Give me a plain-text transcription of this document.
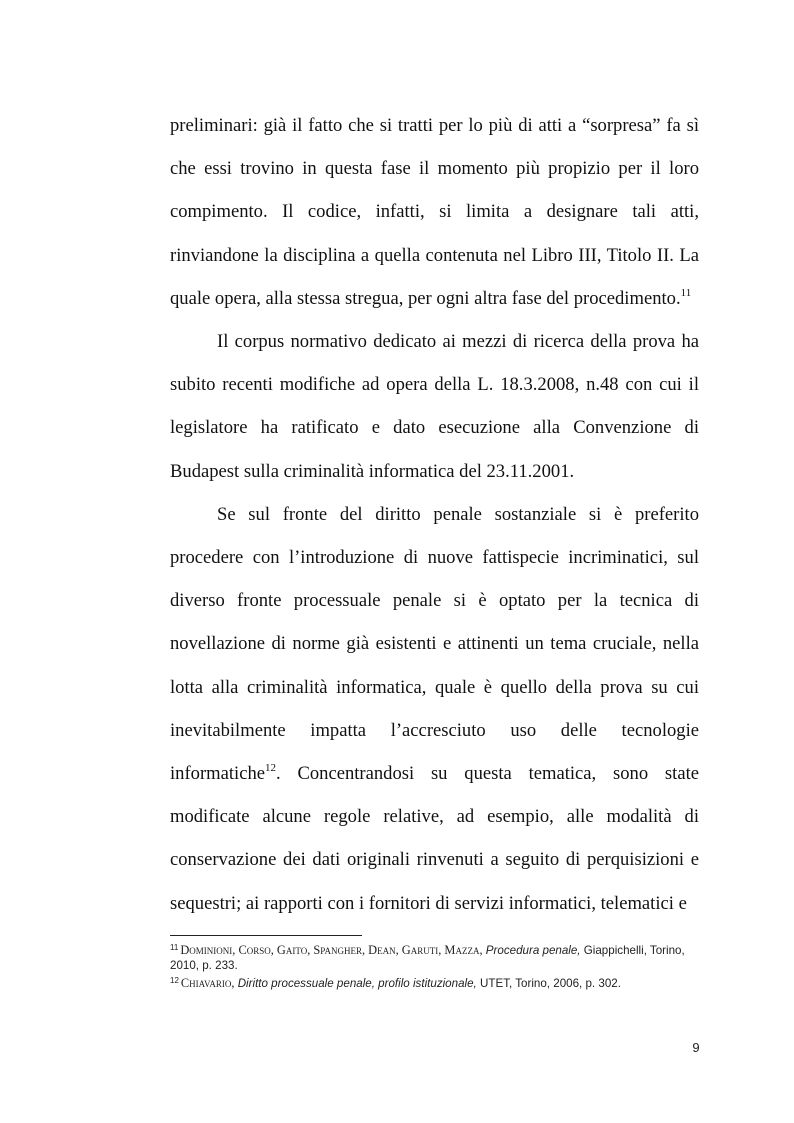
preliminari: già il fatto che si tratti per lo più di atti a “sorpresa” fa sì che essi trovino in questa fase il momento più propizio per il loro compimento. Il codice, infatti, si limita a designare tali atti, rinviandone la disciplina a quella contenuta nel Libro III, Titolo II. La quale opera, alla stessa stregua, per ogni altra fase del procedimento.$^{11}$

Il corpus normativo dedicato ai mezzi di ricerca della prova ha subito recenti modifiche ad opera della L. 18.3.2008, n.48 con cui il legislatore ha ratificato e dato esecuzione alla Convenzione di Budapest sulla criminalità informatica del 23.11.2001.

Se sul fronte del diritto penale sostanziale si è preferito procedere con l’introduzione di nuove fattispecie incriminatici, sul diverso fronte processuale penale si è optato per la tecnica di novellazione di norme già esistenti e attinenti un tema cruciale, nella lotta alla criminalità informatica, quale è quello della prova su cui inevitabilmente impatta l’accresciuto uso delle tecnologie informatiche$^{12}$. Concentrandosi su questa tematica, sono state modificate alcune regole relative, ad esempio, alle modalità di conservazione dei dati originali rinvenuti a seguito di perquisizioni e sequestri; ai rapporti con i fornitori di servizi informatici, telematici e

$^{11}$ Dominioni, Corso, Gaito, Spangher, Dean, Garuti, Mazza, Procedura penale, Giappichelli, Torino, 2010, p. 233.

$^{12}$ Chiavario, Diritto processuale penale, profilo istituzionale, UTET, Torino, 2006, p. 302.

9
